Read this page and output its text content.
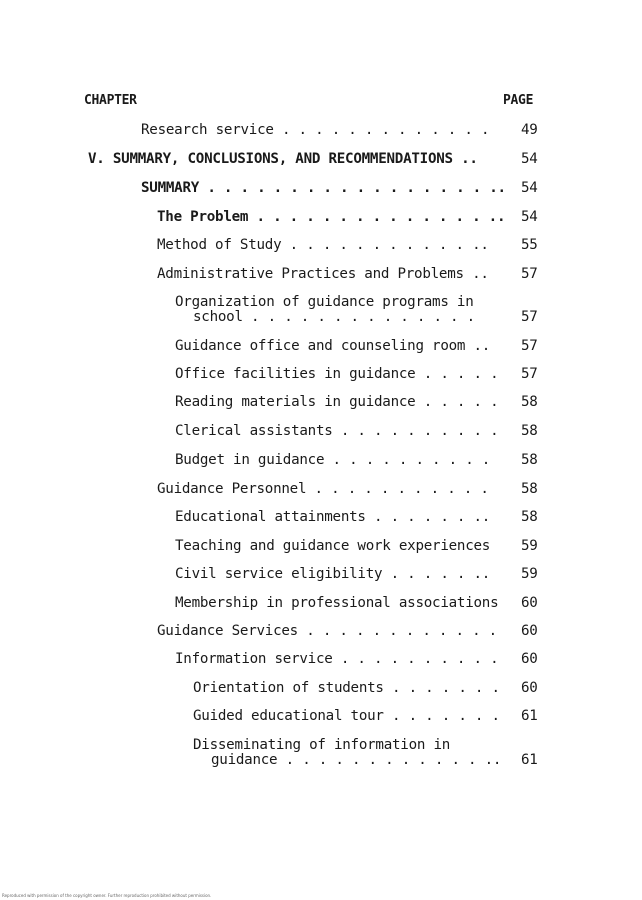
CHAPTER	PAGE
Research service . . . . . . . . . . . . . 49
V. SUMMARY, CONCLUSIONS, AND RECOMMENDATIONS ..	54
SUMMARY . . . . . . . . . . . . . . . . . .. 54
The Problem . . . . . . . . . . . . . . .. 54
Method of Study . . . . . . . . . . . .. 55
Administrative Practices and Problems .. 57
Organization of guidance programs in
school . . . . . . . . . . . . . .	57
Guidance office and counseling room .. 57
Office facilities in guidance . . . . . 57
Reading materials in guidance . . . . . 58
Clerical assistants . . . . . . . . . . 58
Budget in guidance . . . . . . . . . . 58
Guidance Personnel . . . . . . . . . . . 58
Educational attainments . . . . . . .. 58
Teaching and guidance work experiences 59
Civil service eligibility . . . . . .. 59
Membership in professional associations 60
Guidance Services . . . . . . . . . . . . 60
Information service . . . . . . . . . . 60
Orientation of students . . . . . . . 60
Guided educational tour . . . . . . . 61
Disseminating of information in
guidance . . . . . . . . . . . . .. 61
Reproduced with permission of the copyright owner. Further reproduction prohibited without permission.
